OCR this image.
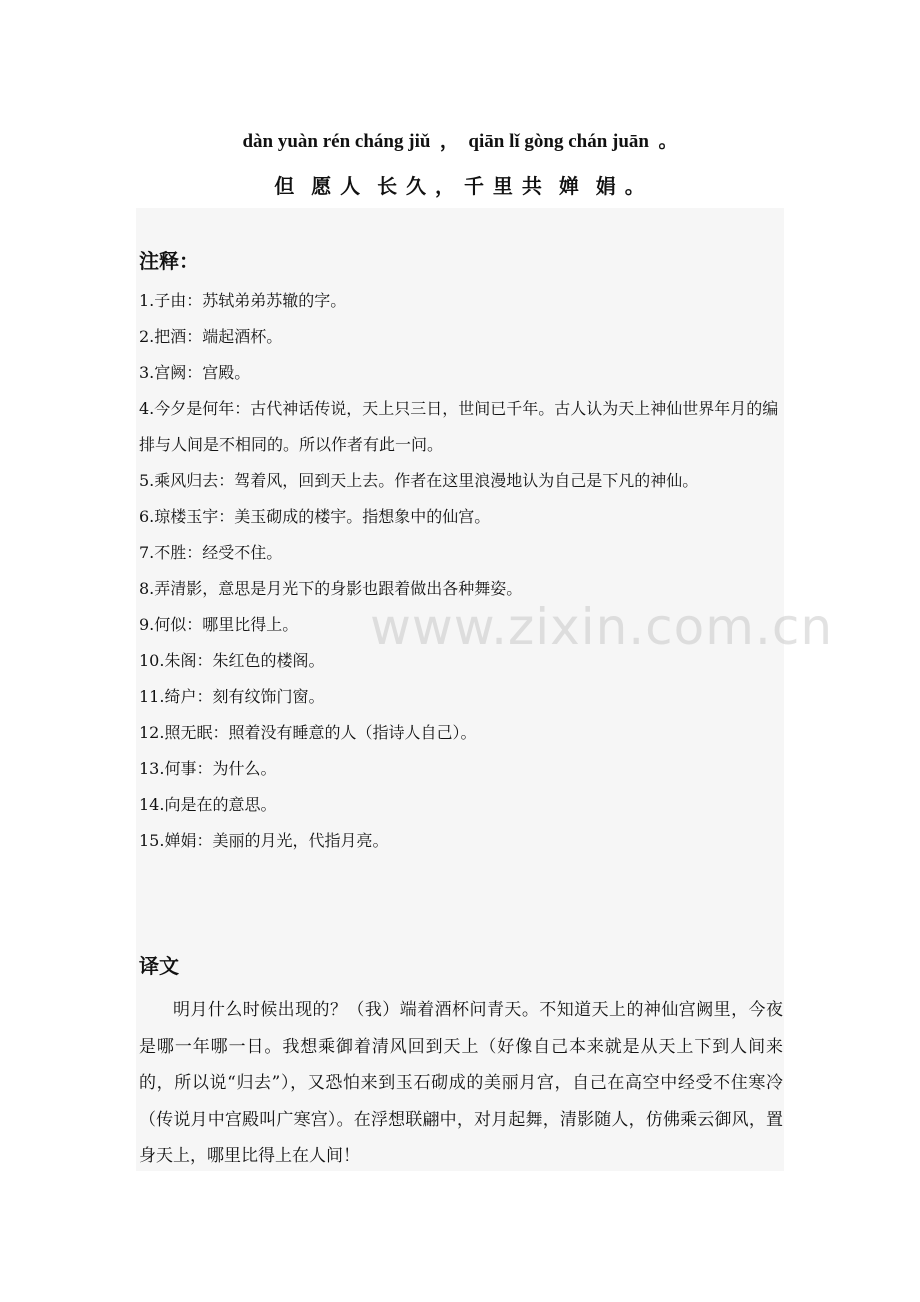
dàn yuàn rén cháng jiǔ  ，  qiān lǐ gòng chán juān  。
但  愿 人  长 久 ， 千 里 共  婵  娟 。
注释：
1.子由：苏轼弟弟苏辙的字。
2.把酒：端起酒杯。
3.宫阙：宫殿。
4.今夕是何年：古代神话传说，天上只三日，世间已千年。古人认为天上神仙世界年月的编排与人间是不相同的。所以作者有此一问。
5.乘风归去：驾着风，回到天上去。作者在这里浪漫地认为自己是下凡的神仙。
6.琼楼玉宇：美玉砌成的楼宇。指想象中的仙宫。
7.不胜：经受不住。
8.弄清影，意思是月光下的身影也跟着做出各种舞姿。
9.何似：哪里比得上。
10.朱阁：朱红色的楼阁。
11.绮户：刻有纹饰门窗。
12.照无眠：照着没有睡意的人（指诗人自己）。
13.何事：为什么。
14.向是在的意思。
15.婵娟：美丽的月光，代指月亮。
译文

明月什么时候出现的？（我）端着酒杯问青天。不知道天上的神仙宫阙里，今夜是哪一年哪一日。我想乘御着清风回到天上（好像自己本来就是从天上下到人间来的，所以说“归去”），又恐怕来到玉石砌成的美丽月宫，自己在高空中经受不住寒冷（传说月中宫殿叫广寒宫）。在浮想联翩中，对月起舞，清影随人，仿佛乘云御风，置身天上，哪里比得上在人间！

www.zixin.com.cn
